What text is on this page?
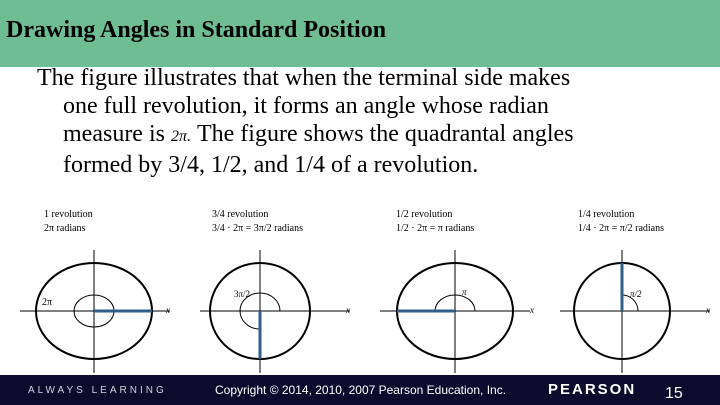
Drawing Angles in Standard Position
The figure illustrates that when the terminal side makes
one full revolution, it forms an angle whose radian
measure is 2π. The figure shows the quadrantal angles
formed by 3/4, 1/2, and 1/4 of a revolution.
1 revolution
2π radians
2π
x
3/4 revolution
3/4 · 2π = 3π/2 radians
3π/2
x
1/2 revolution
1/2 · 2π = π radians
π
x
1/4 revolution
1/4 · 2π = π/2 radians
π/2
x
ALWAYS LEARNING	Copyright © 2014, 2010, 2007 Pearson Education, Inc.	PEARSON 15
